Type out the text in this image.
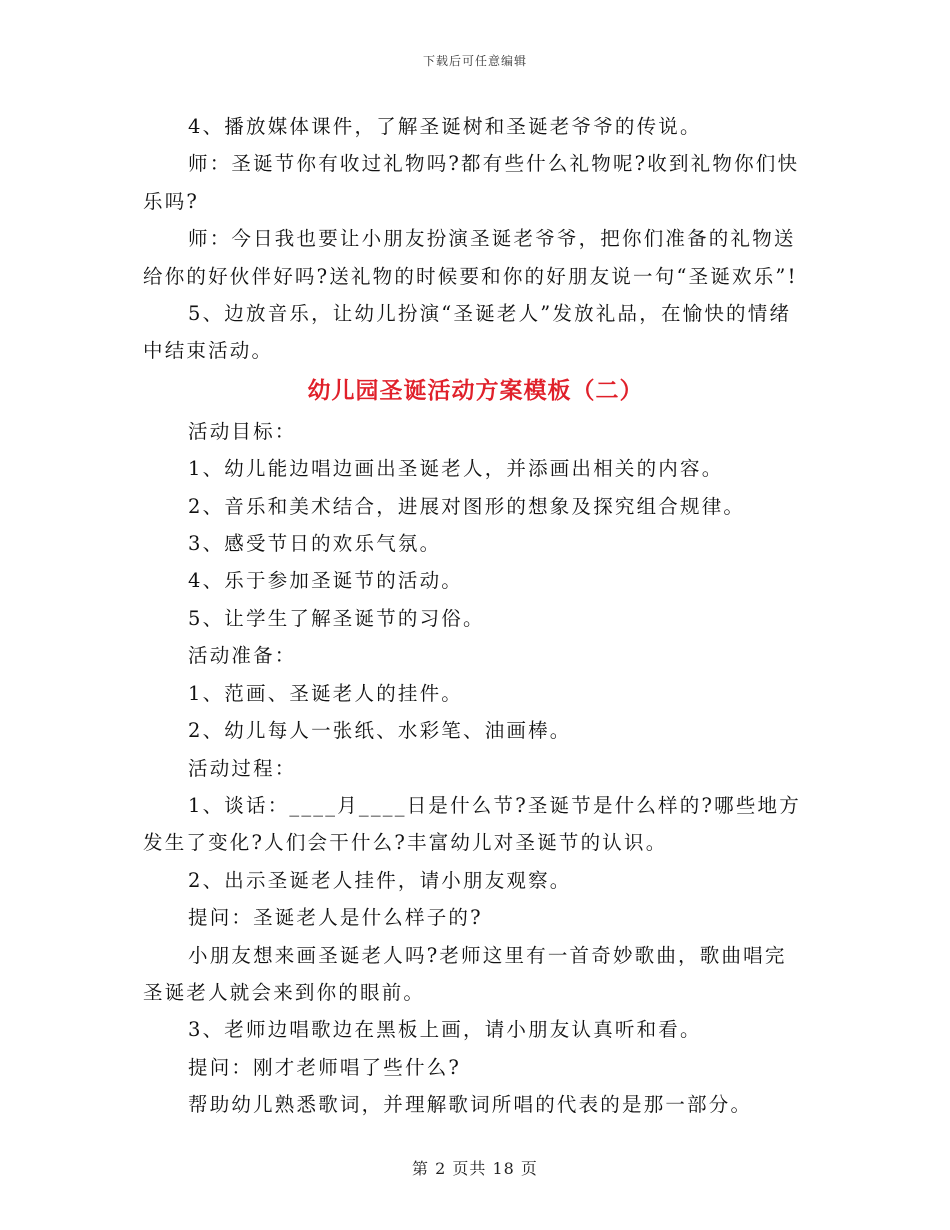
下载后可任意编辑

4、播放媒体课件，了解圣诞树和圣诞老爷爷的传说。

师：圣诞节你有收过礼物吗?都有些什么礼物呢?收到礼物你们快乐吗?

师：今日我也要让小朋友扮演圣诞老爷爷，把你们准备的礼物送给你的好伙伴好吗?送礼物的时候要和你的好朋友说一句“圣诞欢乐”!

5、边放音乐，让幼儿扮演“圣诞老人”发放礼品，在愉快的情绪中结束活动。

幼儿园圣诞活动方案模板（二）

活动目标：

1、幼儿能边唱边画出圣诞老人，并添画出相关的内容。

2、音乐和美术结合，进展对图形的想象及探究组合规律。

3、感受节日的欢乐气氛。

4、乐于参加圣诞节的活动。

5、让学生了解圣诞节的习俗。

活动准备：

1、范画、圣诞老人的挂件。

2、幼儿每人一张纸、水彩笔、油画棒。

活动过程：

1、谈话：____月____日是什么节?圣诞节是什么样的?哪些地方发生了变化?人们会干什么?丰富幼儿对圣诞节的认识。

2、出示圣诞老人挂件，请小朋友观察。

提问：圣诞老人是什么样子的?

小朋友想来画圣诞老人吗?老师这里有一首奇妙歌曲，歌曲唱完圣诞老人就会来到你的眼前。

3、老师边唱歌边在黑板上画，请小朋友认真听和看。

提问：刚才老师唱了些什么?

帮助幼儿熟悉歌词，并理解歌词所唱的代表的是那一部分。

第 2 页共 18 页
